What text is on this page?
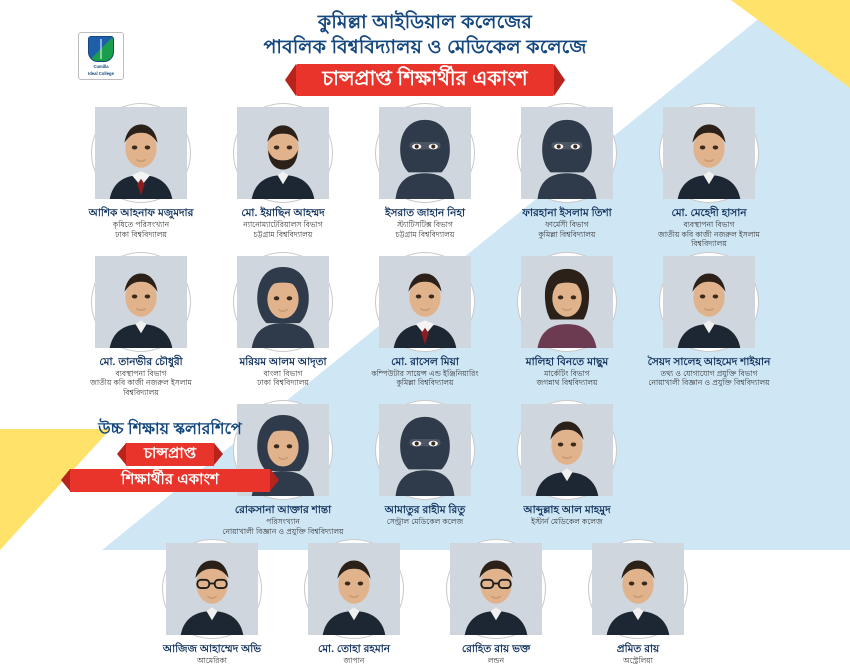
Cumilla
Ideal College
কুমিল্লা আইডিয়াল কলেজের
পাবলিক বিশ্ববিদ্যালয় ও মেডিকেল কলেজে
চান্সপ্রাপ্ত শিক্ষার্থীর একাংশ
আশিক আহনাফ মজুমদার
কৃষিতে পরিসংখ্যান
ঢাকা বিশ্ববিদ্যালয়
মো. ইয়াছিন আহম্মদ
ন্যানোম্যাটেরিয়ালস বিভাগ
চট্টগ্রাম বিশ্ববিদ্যালয়
ইসরাত জাহান নিহা
স্ট্যাটিসটিক্স বিভাগ
চট্টগ্রাম বিশ্ববিদ্যালয়
ফারহানা ইসলাম তিশা
ফার্মেসী বিভাগ
কুমিল্লা বিশ্ববিদ্যালয়
মো. মেহেদী হাসান
ব্যবস্থাপনা বিভাগ
জাতীয় কবি কাজী নজরুল ইসলাম বিশ্ববিদ্যালয়
মো. তানভীর চৌধুরী
ব্যবস্থাপনা বিভাগ
জাতীয় কবি কাজী নজরুল ইসলাম বিশ্ববিদ্যালয়
মরিয়ম আলম আদৃতা
বাংলা বিভাগ
ঢাকা বিশ্ববিদ্যালয়
মো. রাসেল মিয়া
কম্পিউটার সায়েন্স এন্ড ইঞ্জিনিয়ারিং
কুমিল্লা বিশ্ববিদ্যালয়
মালিহা বিনতে মাছুম
মার্কেটিং বিভাগ
জগন্নাথ বিশ্ববিদ্যালয়
সৈয়দ সালেহ আহমেদ শাইয়ান
তথ্য ও যোগাযোগ প্রযুক্তি বিভাগ
নোয়াখালী বিজ্ঞান ও প্রযুক্তি বিশ্ববিদ্যালয়
রোকসানা আক্তার শান্তা
পরিসংখ্যান
নোয়াখালী বিজ্ঞান ও প্রযুক্তি বিশ্ববিদ্যালয়
আমাতুর রাহীম রিতু
সেন্ট্রাল মেডিকেল কলেজ
আব্দুল্লাহ আল মাহমুদ
ইস্টার্ন মেডিকেল কলেজ
আজিজ আহাম্মেদ অভি
আমেরিকা
মো. তোহা রহমান
জাপান
রোহিত রায় ভক্ত
লন্ডন
প্রমিত রায়
অস্ট্রেলিয়া
উচ্চ শিক্ষায় স্কলারশিপে
চান্সপ্রাপ্ত
শিক্ষার্থীর একাংশ
